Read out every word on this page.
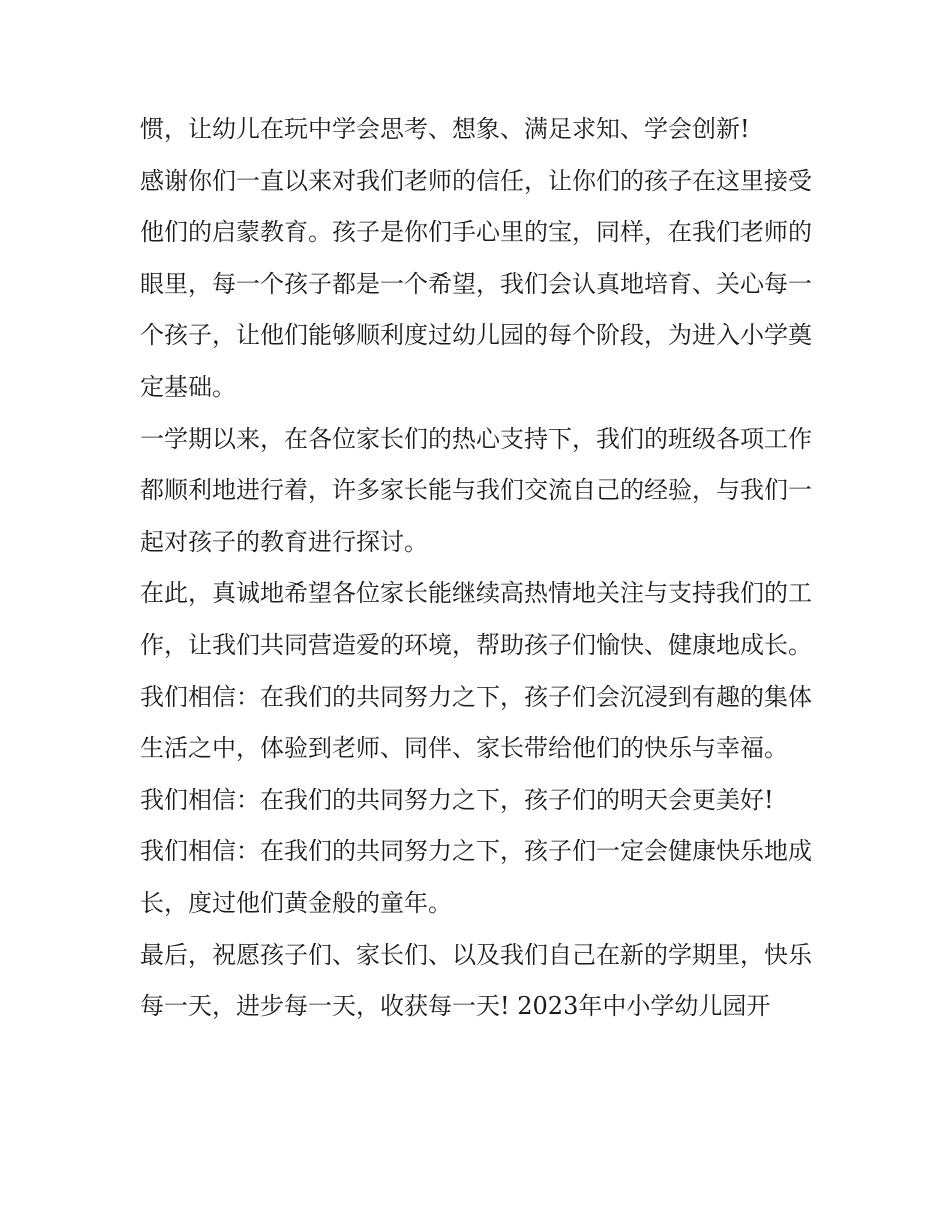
惯，让幼儿在玩中学会思考、想象、满足求知、学会创新!

感谢你们一直以来对我们老师的信任，让你们的孩子在这里接受他们的启蒙教育。孩子是你们手心里的宝，同样，在我们老师的眼里，每一个孩子都是一个希望，我们会认真地培育、关心每一个孩子，让他们能够顺利度过幼儿园的每个阶段，为进入小学奠定基础。

一学期以来，在各位家长们的热心支持下，我们的班级各项工作都顺利地进行着，许多家长能与我们交流自己的经验，与我们一起对孩子的教育进行探讨。

在此，真诚地希望各位家长能继续高热情地关注与支持我们的工作，让我们共同营造爱的环境，帮助孩子们愉快、健康地成长。

我们相信：在我们的共同努力之下，孩子们会沉浸到有趣的集体生活之中，体验到老师、同伴、家长带给他们的快乐与幸福。

我们相信：在我们的共同努力之下，孩子们的明天会更美好!

我们相信：在我们的共同努力之下，孩子们一定会健康快乐地成长，度过他们黄金般的童年。

最后，祝愿孩子们、家长们、以及我们自己在新的学期里，快乐每一天，进步每一天，收获每一天! 2023年中小学幼儿园开
